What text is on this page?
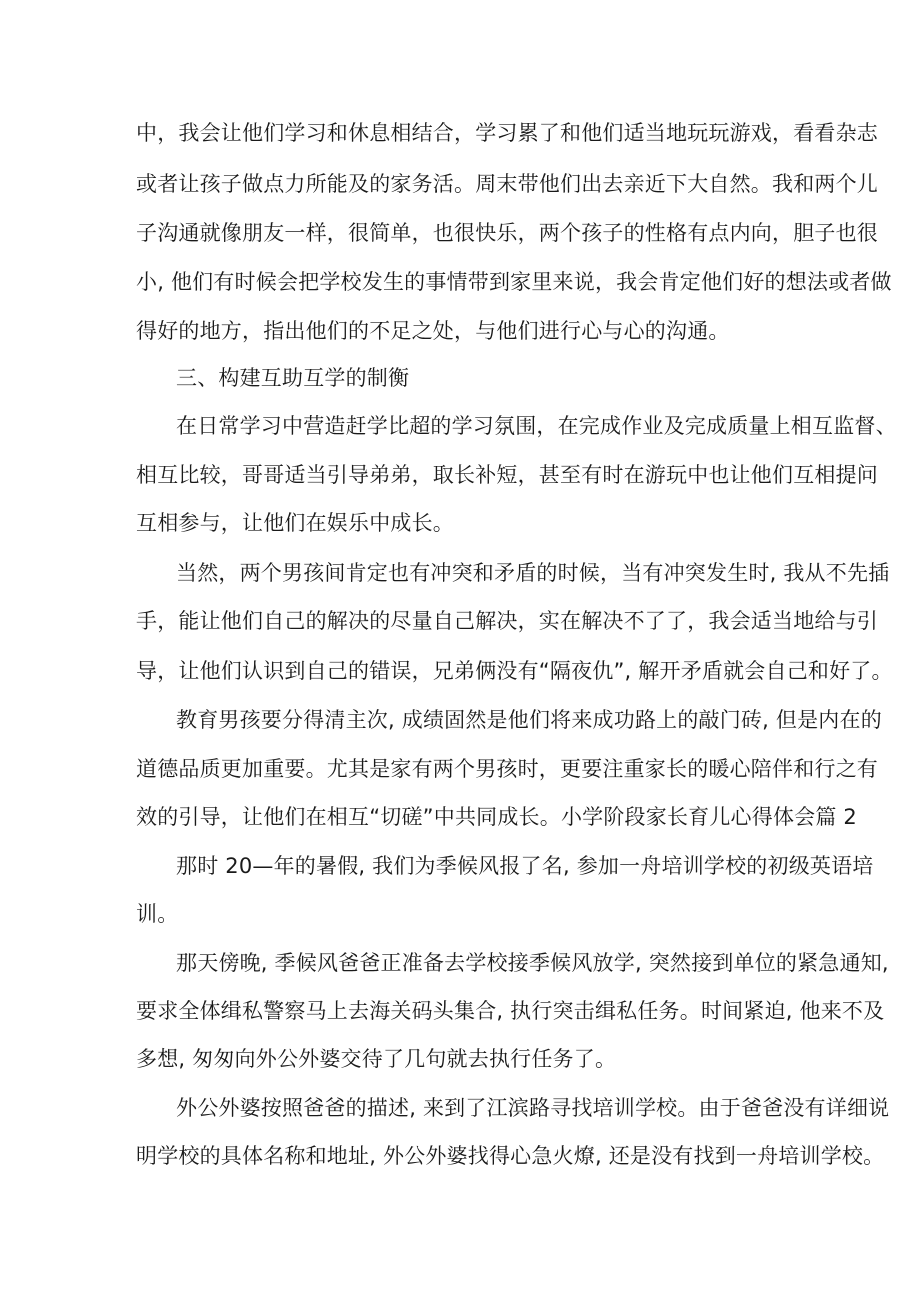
中，我会让他们学习和休息相结合，学习累了和他们适当地玩玩游戏，看看杂志
或者让孩子做点力所能及的家务活。周末带他们出去亲近下大自然。我和两个儿
子沟通就像朋友一样，很简单，也很快乐，两个孩子的性格有点内向，胆子也很
小, 他们有时候会把学校发生的事情带到家里来说，我会肯定他们好的想法或者做
得好的地方，指出他们的不足之处，与他们进行心与心的沟通。
三、构建互助互学的制衡
在日常学习中营造赶学比超的学习氛围，在完成作业及完成质量上相互监督、
相互比较，哥哥适当引导弟弟，取长补短，甚至有时在游玩中也让他们互相提问
互相参与，让他们在娱乐中成长。
当然，两个男孩间肯定也有冲突和矛盾的时候，当有冲突发生时, 我从不先插
手，能让他们自己的解决的尽量自己解决，实在解决不了了，我会适当地给与引
导，让他们认识到自己的错误，兄弟俩没有“隔夜仇”, 解开矛盾就会自己和好了。
教育男孩要分得清主次, 成绩固然是他们将来成功路上的敲门砖, 但是内在的
道德品质更加重要。尤其是家有两个男孩时，更要注重家长的暖心陪伴和行之有
效的引导，让他们在相互“切磋”中共同成长。小学阶段家长育儿心得体会篇 2
那时 20—年的暑假, 我们为季候风报了名, 参加一舟培训学校的初级英语培
训。
那天傍晚, 季候风爸爸正准备去学校接季候风放学, 突然接到单位的紧急通知,
要求全体缉私警察马上去海关码头集合, 执行突击缉私任务。时间紧迫, 他来不及
多想, 匆匆向外公外婆交待了几句就去执行任务了。
外公外婆按照爸爸的描述, 来到了江滨路寻找培训学校。由于爸爸没有详细说
明学校的具体名称和地址, 外公外婆找得心急火燎, 还是没有找到一舟培训学校。
